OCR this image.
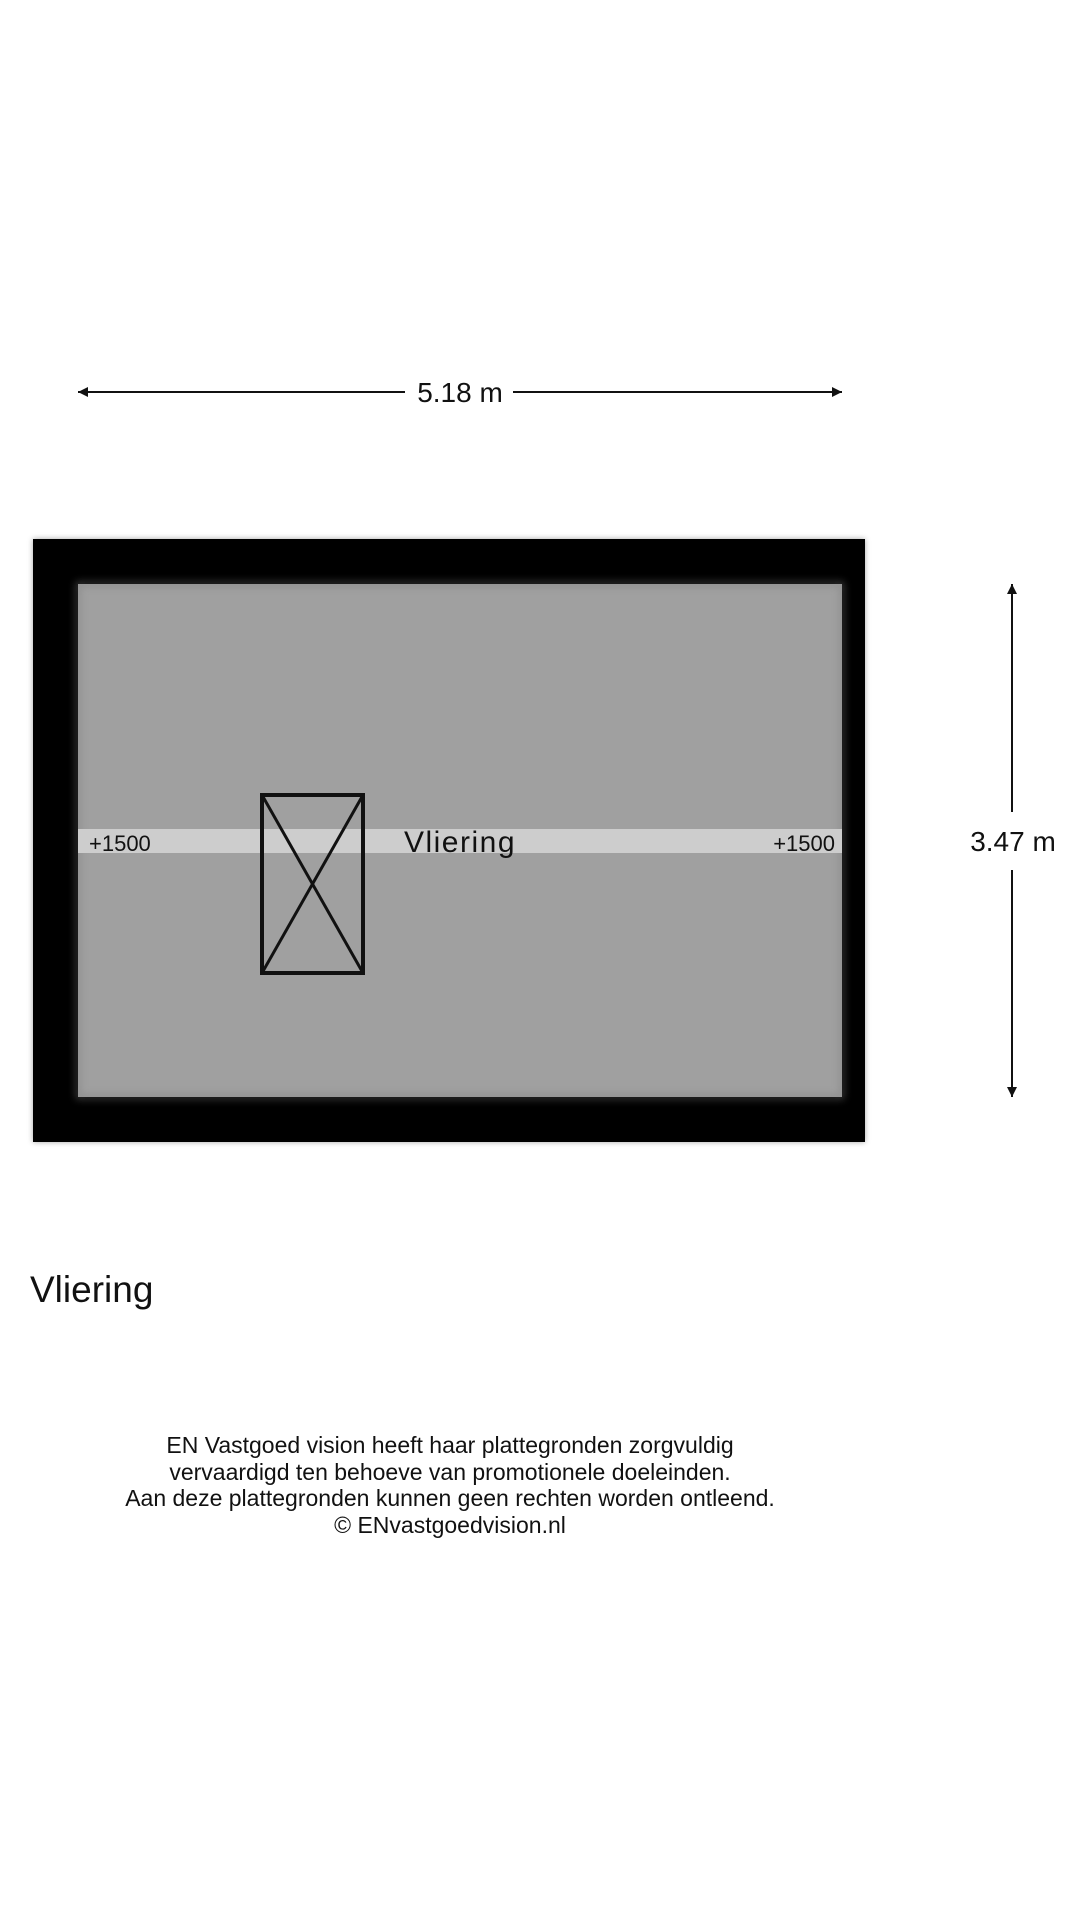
5.18 m
+1500	Vliering	+1500	3.47 m
Vliering
EN Vastgoed vision heeft haar plattegronden zorgvuldig
vervaardigd ten behoeve van promotionele doeleinden.
Aan deze plattegronden kunnen geen rechten worden ontleend.
© ENvastgoedvision.nl
